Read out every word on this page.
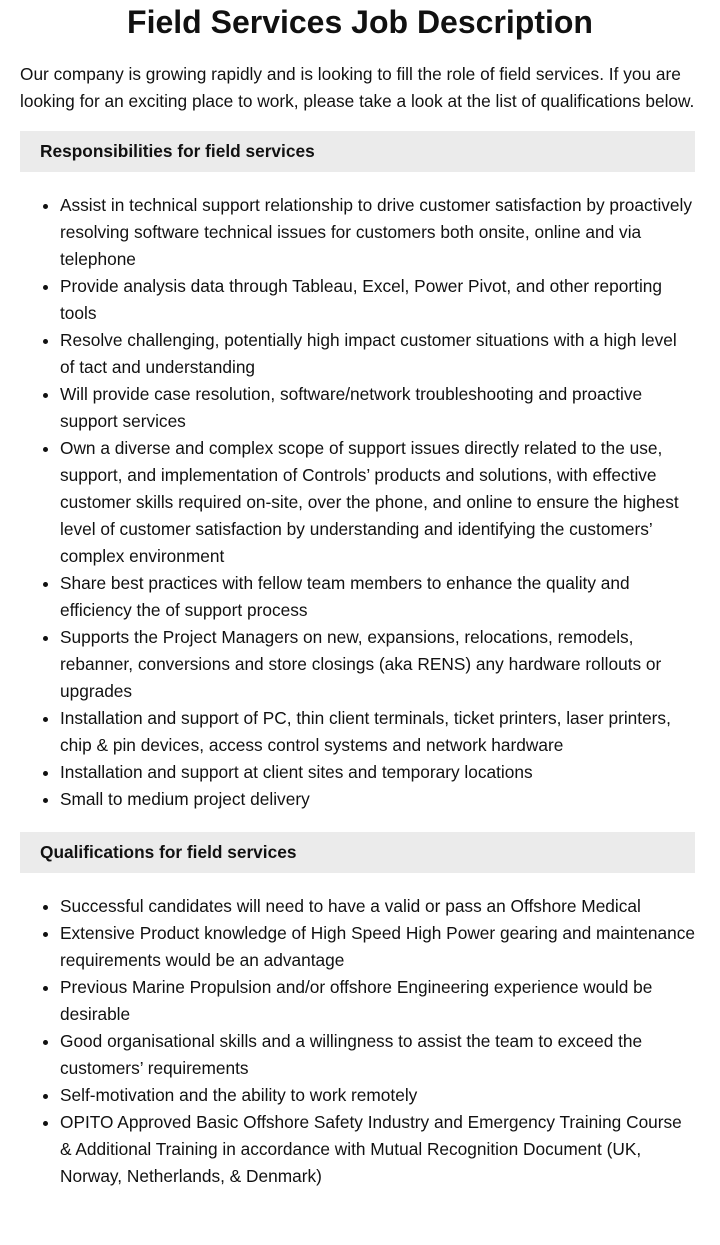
Field Services Job Description

Our company is growing rapidly and is looking to fill the role of field services. If you are looking for an exciting place to work, please take a look at the list of qualifications below.

Responsibilities for field services
• Assist in technical support relationship to drive customer satisfaction by proactively resolving software technical issues for customers both onsite, online and via telephone
• Provide analysis data through Tableau, Excel, Power Pivot, and other reporting tools
• Resolve challenging, potentially high impact customer situations with a high level of tact and understanding
• Will provide case resolution, software/network troubleshooting and proactive support services
• Own a diverse and complex scope of support issues directly related to the use, support, and implementation of Controls’ products and solutions, with effective customer skills required on-site, over the phone, and online to ensure the highest level of customer satisfaction by understanding and identifying the customers’ complex environment
• Share best practices with fellow team members to enhance the quality and efficiency the of support process
• Supports the Project Managers on new, expansions, relocations, remodels, rebanner, conversions and store closings (aka RENS) any hardware rollouts or upgrades
• Installation and support of PC, thin client terminals, ticket printers, laser printers, chip & pin devices, access control systems and network hardware
• Installation and support at client sites and temporary locations
• Small to medium project delivery
Qualifications for field services
• Successful candidates will need to have a valid or pass an Offshore Medical
• Extensive Product knowledge of High Speed High Power gearing and maintenance requirements would be an advantage
• Previous Marine Propulsion and/or offshore Engineering experience would be desirable
• Good organisational skills and a willingness to assist the team to exceed the customers’ requirements
• Self-motivation and the ability to work remotely
• OPITO Approved Basic Offshore Safety Industry and Emergency Training Course & Additional Training in accordance with Mutual Recognition Document (UK, Norway, Netherlands, & Denmark)
